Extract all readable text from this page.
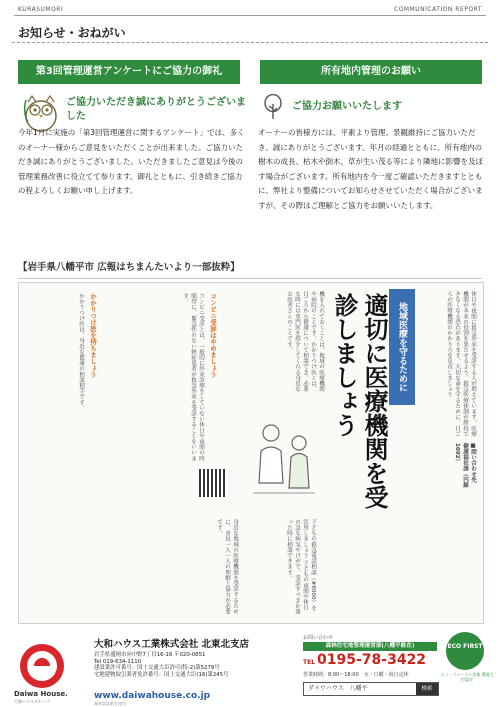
KURASUMORI	COMMUNICATION REPORT
お知らせ・おねがい
第3回管理運営アンケートにご協力の御礼	所有地内管理のお願い
ご協力いただき誠にありがとうございました
ご協力お願いいたします
今年1月に実施の「第3回管理運営に関するアンケート」では、多くのオーナー様からご意見をいただくことが出来ました。ご協力いただき誠にありがとうございました。いただきましたご意見は今後の管理業務改善に役立てて参ります。御礼とともに、引き続きご協力の程よろしくお願い申し上げます。
オーナーの皆様方には、平素より管理、景観維持にご協力いただき、誠にありがとうございます。年月の経過とともに、所有地内の樹木の成長、枯木や倒木、草が生い茂る等により隣地に影響を及ぼす場合がございます。所有地内を今一度ご確認いただきますとともに、弊社より整備についてお知らせさせていただく場合がございますが、その際はご理解とご協力をお願いいたします。
【岩手県八幡平市 広報はちまんたいより一部抜粋】
休日や夜間に救急外来を受診する人が増えています。医療機関が本来の役割を果たせるよう、救急医療体制が維持できなくなる恐れがあります。大切な命を守るために、日ごろの医療機関のかかり方を見直しましょう
■問い合わせ先　健康福祉課（内線1092）
地域医療を守るために
適切に医療機関を受診しましょう
機を入れておくことは、地域の医療機関や病院のことです。かかりつけ医とは、日ごろから健康について相談でき、必要な時には専門医を紹介してくれる身近なお医者さんのことです。
子どもの救急電話相談（#8000）を活用しましょう 子どもの夜間や休日の急な病気やけがで、受診すべきか迷った時に相談できます。
身近な地域の医療機関を受診するために、市民一人一人の理解と協力が必要です。
コンビニ受診はやめましょう
コンビニ受診とは、一般的に外来診療をしていない休日や夜間の時間帯に、緊急性のない軽症患者が救急外来を受診することをいいます。
かかりつけ医を持ちましょう
かかりつけ医は、身近な健康の相談相手です。
Daiwa House.
大和ハウスグループ
大和ハウス工業株式会社 北東北支店
岩手県盛岡市向中野7丁目16-16 〒020-0851
Tel 019-634-1110
建設業許可番号：国土交通大臣許可(特-2)第5279号
宅地建物取引業者免許番号：国土交通大臣(16)第245号
www.daiwahouse.co.jp
森林認証紙を使用
お問い合わせ
森林住宅地管理運営部(八幡平駐在)
TEL 0195-78-3422
営業時間：8:00〜18:00　水・日曜・祝日定休
ダイワハウス　八幡平	検索
ECO FIRST
エコ・ファースト企業 環境大臣認定
